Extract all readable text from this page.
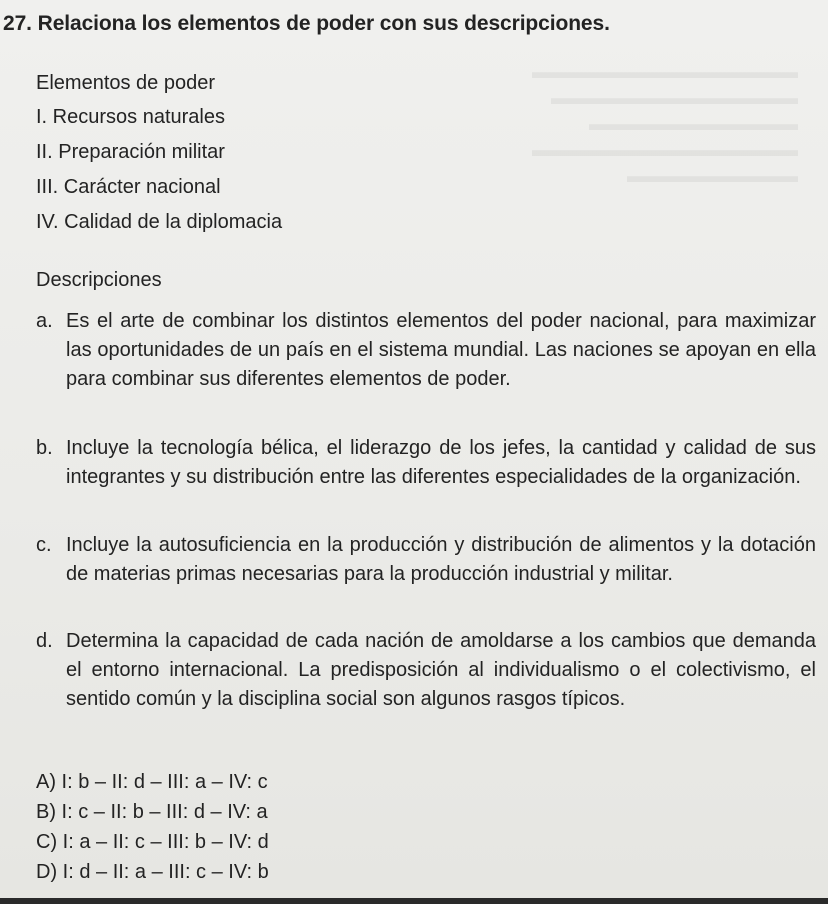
27. Relaciona los elementos de poder con sus descripciones.
Elementos de poder
I. Recursos naturales
II. Preparación militar
III. Carácter nacional
IV. Calidad de la diplomacia
Descripciones
a. Es el arte de combinar los distintos elementos del poder nacional, para maximizar las oportunidades de un país en el sistema mundial. Las naciones se apoyan en ella para combinar sus diferentes elementos de poder.
b. Incluye la tecnología bélica, el liderazgo de los jefes, la cantidad y calidad de sus integrantes y su distribución entre las diferentes especialidades de la organización.
c. Incluye la autosuficiencia en la producción y distribución de alimentos y la dotación de materias primas necesarias para la producción industrial y militar.
d. Determina la capacidad de cada nación de amoldarse a los cambios que demanda el entorno internacional. La predisposición al individualismo o el colectivismo, el sentido común y la disciplina social son algunos rasgos típicos.
A) I: b – II: d – III: a – IV: c
B) I: c – II: b – III: d – IV: a
C) I: a – II: c – III: b – IV: d
D) I: d – II: a – III: c – IV: b
